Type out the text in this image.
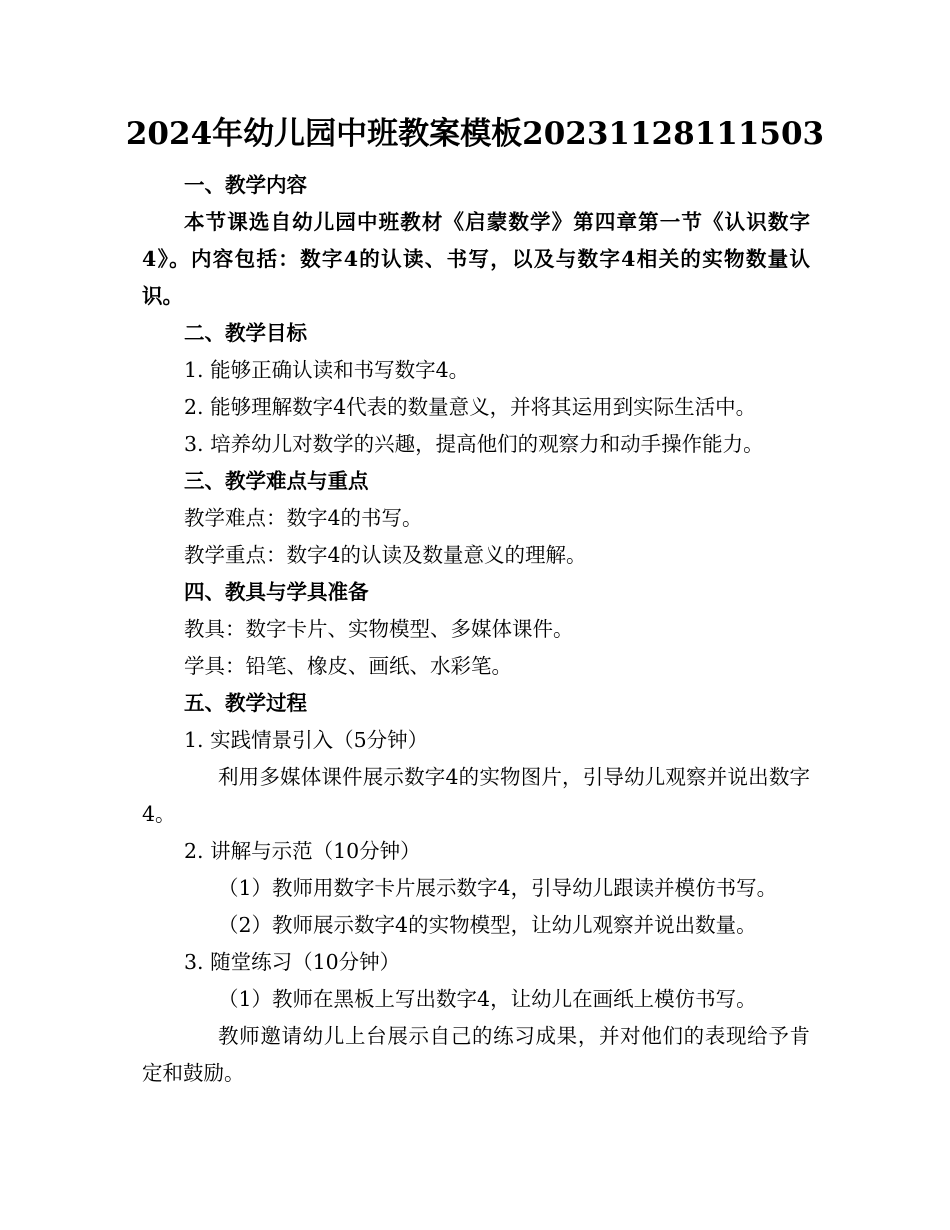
2024年幼儿园中班教案模板20231128111503
一、教学内容
本节课选自幼儿园中班教材《启蒙数学》第四章第一节《认识数字4》。内容包括：数字4的认读、书写，以及与数字4相关的实物数量认识。
二、教学目标
1. 能够正确认读和书写数字4。
2. 能够理解数字4代表的数量意义，并将其运用到实际生活中。
3. 培养幼儿对数学的兴趣，提高他们的观察力和动手操作能力。
三、教学难点与重点
教学难点：数字4的书写。
教学重点：数字4的认读及数量意义的理解。
四、教具与学具准备
教具：数字卡片、实物模型、多媒体课件。
学具：铅笔、橡皮、画纸、水彩笔。
五、教学过程
1. 实践情景引入（5分钟）
利用多媒体课件展示数字4的实物图片，引导幼儿观察并说出数字4。
2. 讲解与示范（10分钟）
（1）教师用数字卡片展示数字4，引导幼儿跟读并模仿书写。
（2）教师展示数字4的实物模型，让幼儿观察并说出数量。
3. 随堂练习（10分钟）
（1）教师在黑板上写出数字4，让幼儿在画纸上模仿书写。
教师邀请幼儿上台展示自己的练习成果，并对他们的表现给予肯定和鼓励。
